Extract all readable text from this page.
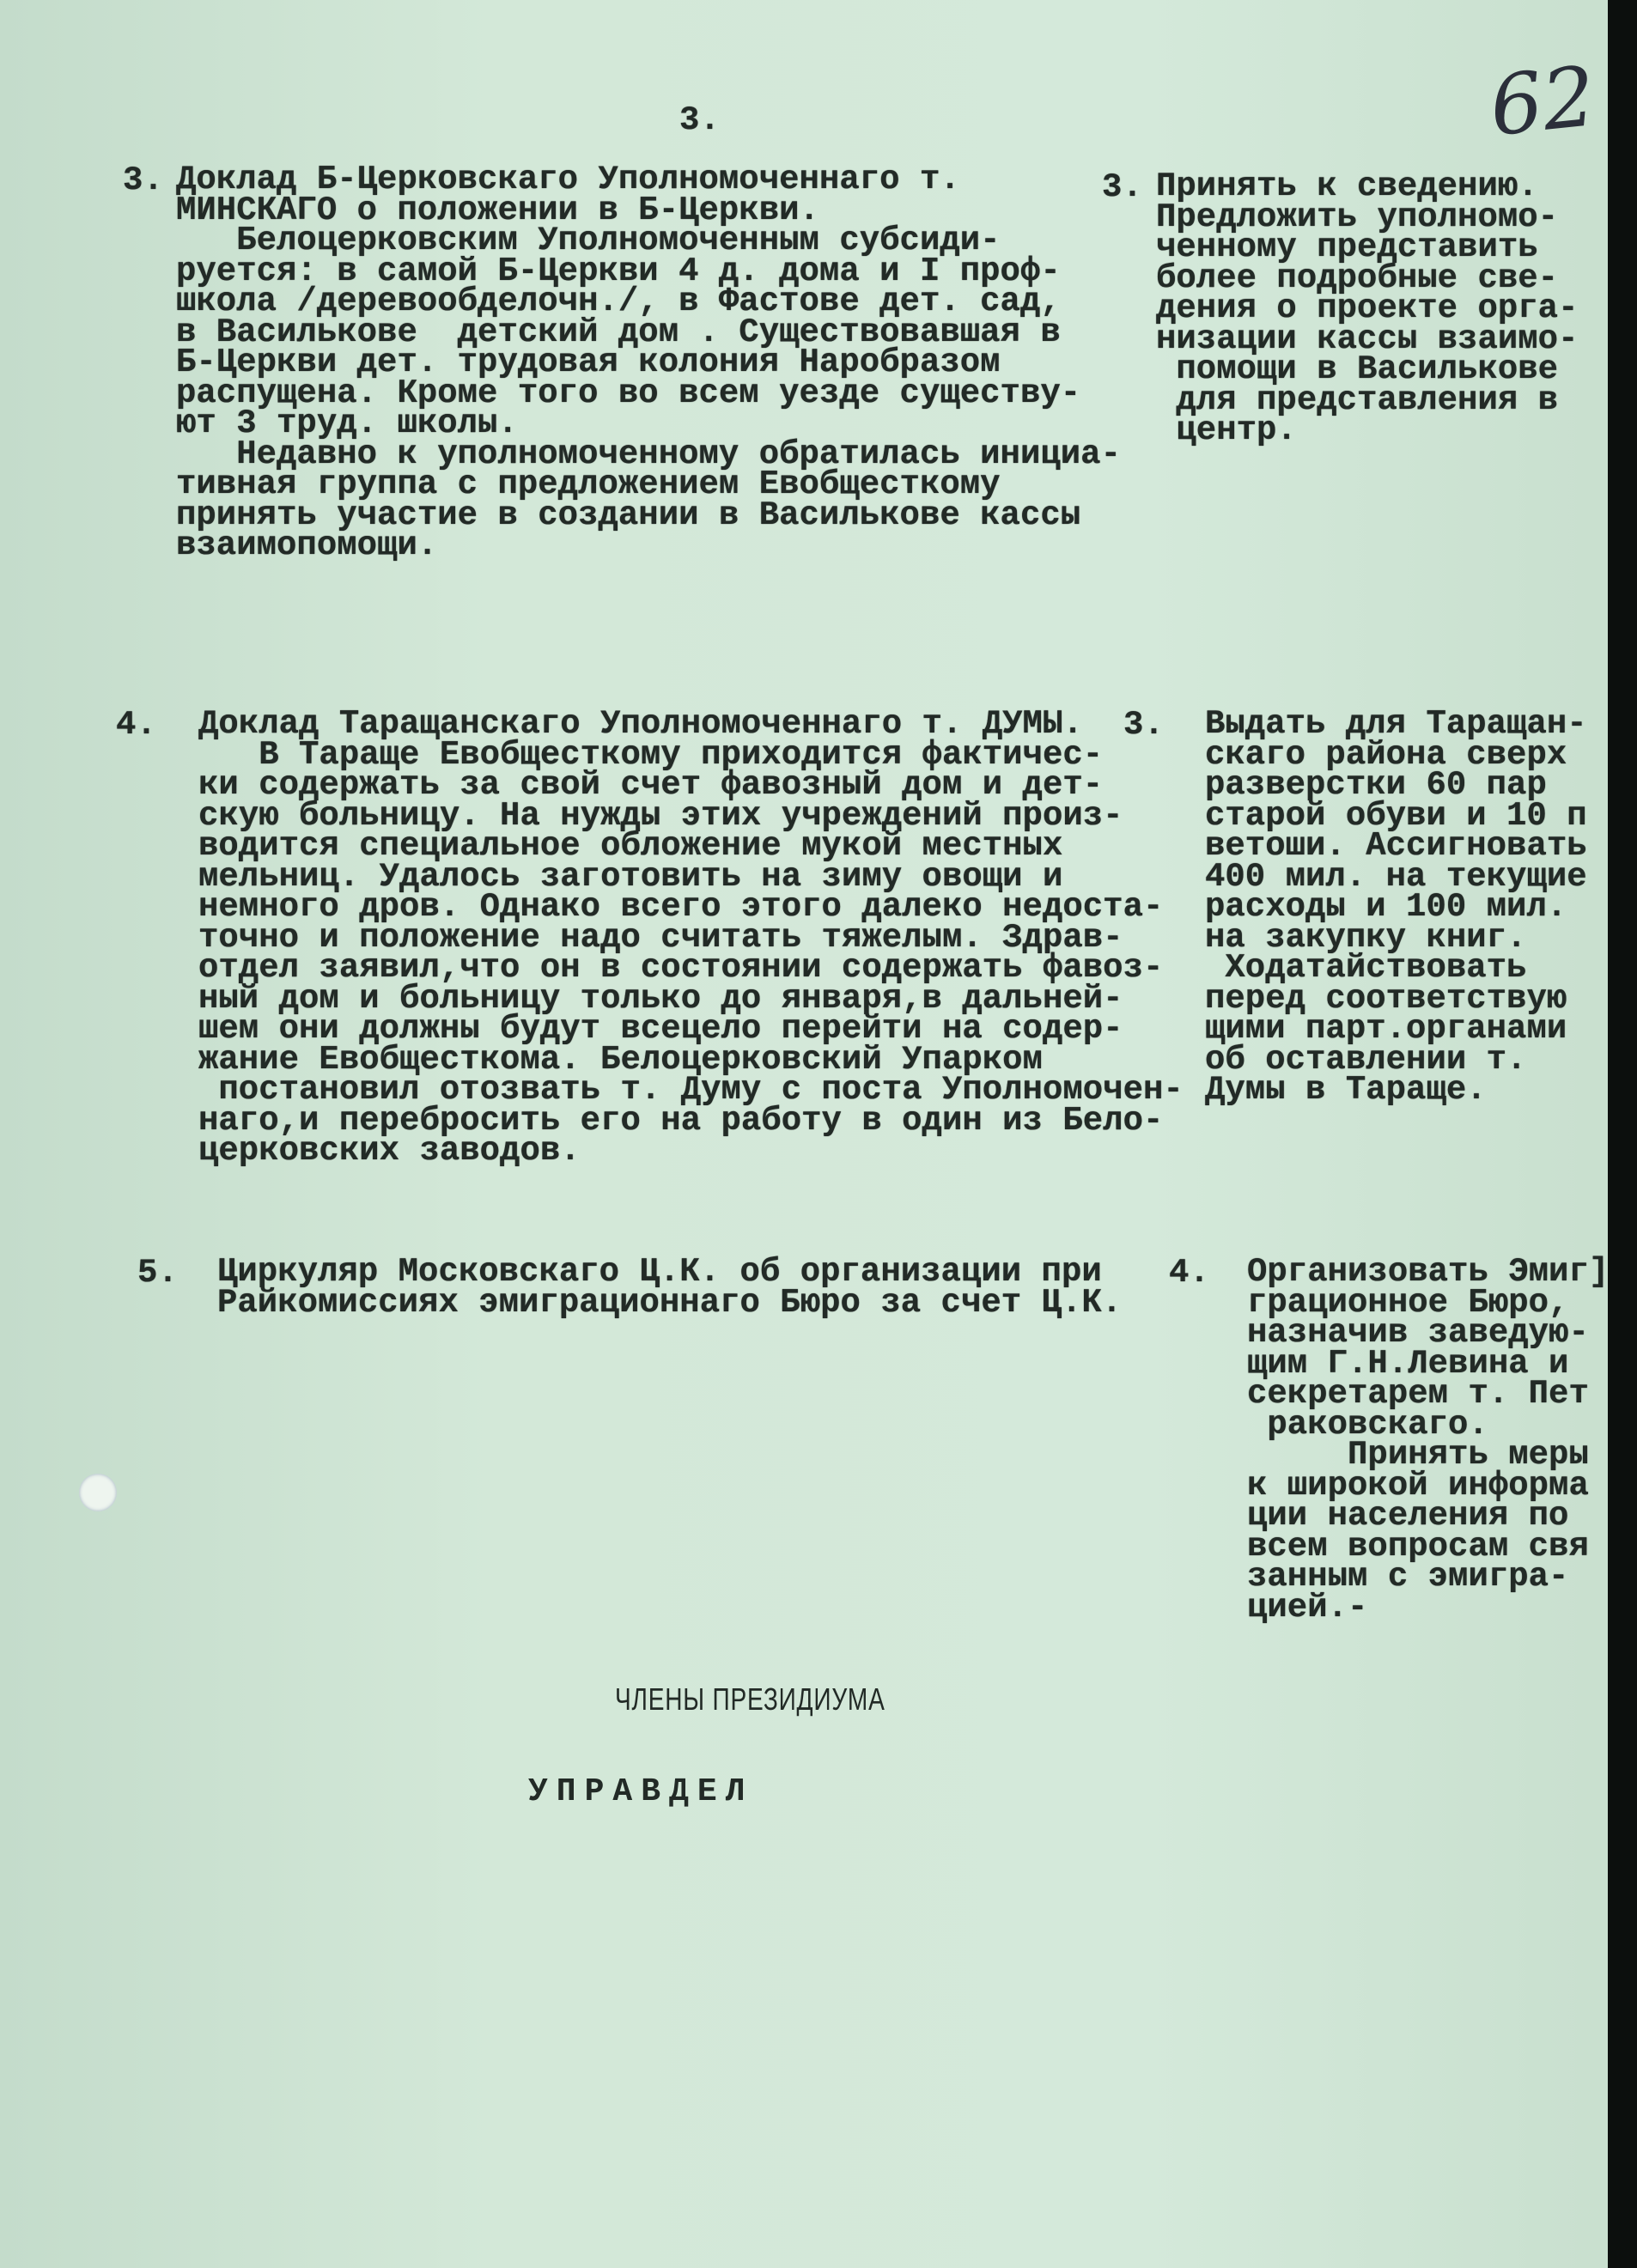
3.	62
3. Доклад Б-Церковскаго Уполномоченнаго т.
МИНСКАГО о положении в Б-Церкви.
Белоцерковским Уполномоченным субсиди-
руется: в самой Б-Церкви 4 д. дома и I проф-
школа /деревообделочн./, в Фастове дет. сад,
в Василькове  детский дом . Существовавшая в
Б-Церкви дет. трудовая колония Наробразом
распущена. Кроме того во всем уезде существу-
ют 3 труд. школы.
Недавно к уполномоченному обратилась инициа-
тивная группа с предложением Евобщесткому
принять участие в создании в Василькове кассы
взаимопомощи.
3. Принять к сведению.
Предложить уполномо-
ченному представить
более подробные све-
дения о проекте орга-
низации кассы взаимо-
помощи в Василькове
для представления в
центр.
4. Доклад Таращанскаго Уполномоченнаго т. ДУМЫ.
В Тараще Евобщесткому приходится фактичес-
ки содержать за свой счет фавозный дом и дет-
скую больницу. На нужды этих учреждений произ-
водится специальное обложение мукой местных
мельниц. Удалось заготовить на зиму овощи и
немного дров. Однако всего этого далеко недоста-
точно и положение надо считать тяжелым. Здрав-
отдел заявил,что он в состоянии содержать фавоз-
ный дом и больницу только до января,в дальней-
шем они должны будут всецело перейти на содер-
жание Евобщесткома. Белоцерковский Упарком
постановил отозвать т. Думу с поста Уполномочен-
наго,и перебросить его на работу в один из Бело-
церковских заводов.
3. Выдать для Таращан-
скаго района сверх
разверстки 60 пар
старой обуви и 10 п
ветоши. Ассигновать
400 мил. на текущие
расходы и 100 мил.
на закупку книг.
Ходатайствовать
перед соответствую
щими парт.органами
об оставлении т.
Думы в Тараще.
5. Циркуляр Московскаго Ц.К. об организации при
Райкомиссиях эмиграционнаго Бюро за счет Ц.К.
4. Организовать Эмиг]
грационное Бюро,
назначив заведую-
щим Г.Н.Левина и
секретарем т. Пет
раковскаго.
Принять меры
к широкой информа
ции населения по
всем вопросам свя
занным с эмигра-
цией.-
ЧЛЕНЫ ПРЕЗИДИУМА
УПРАВДЕЛ
